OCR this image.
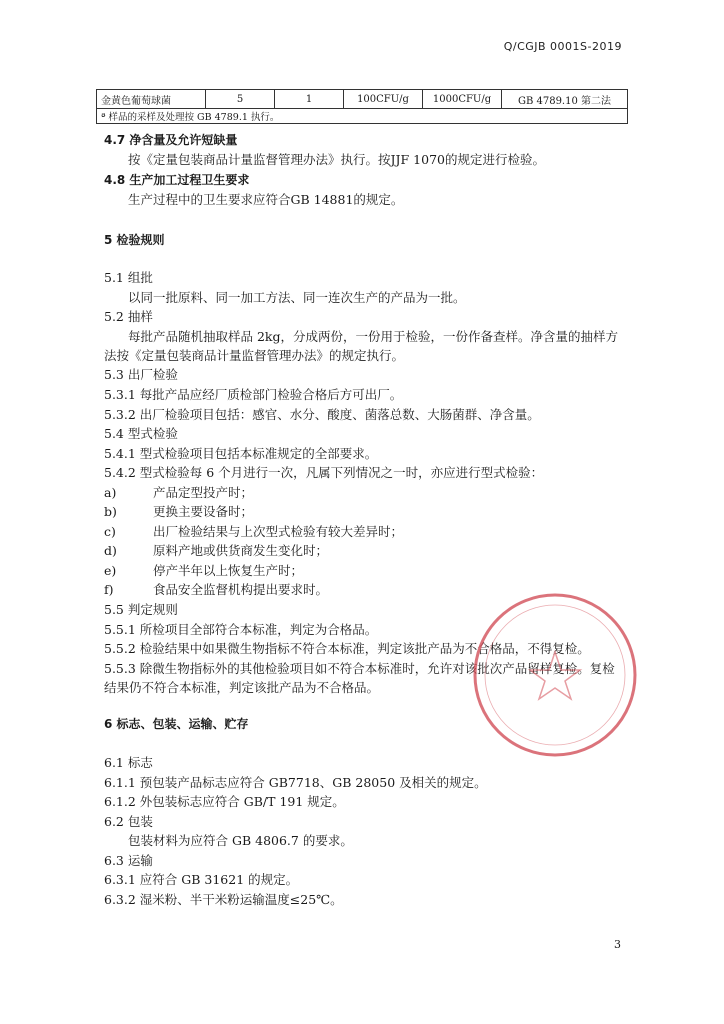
Q/CGJB 0001S-2019
金黄色葡萄球菌	5	1	100CFU/g	1000CFU/g	GB 4789.10 第二法
ª 样品的采样及处理按 GB 4789.1 执行。
4.7 净含量及允许短缺量
按《定量包装商品计量监督管理办法》执行。按JJF 1070的规定进行检验。
4.8 生产加工过程卫生要求
生产过程中的卫生要求应符合GB 14881的规定。
5 检验规则
5.1 组批
以同一批原料、同一加工方法、同一连次生产的产品为一批。
5.2 抽样
每批产品随机抽取样品 2kg，分成两份，一份用于检验，一份作备查样。净含量的抽样方
法按《定量包装商品计量监督管理办法》的规定执行。
5.3 出厂检验
5.3.1 每批产品应经厂质检部门检验合格后方可出厂。
5.3.2 出厂检验项目包括：感官、水分、酸度、菌落总数、大肠菌群、净含量。
5.4 型式检验
5.4.1 型式检验项目包括本标准规定的全部要求。
5.4.2 型式检验每 6 个月进行一次，凡属下列情况之一时，亦应进行型式检验：
a)	产品定型投产时；
b)	更换主要设备时；
c)	出厂检验结果与上次型式检验有较大差异时；
d)	原料产地或供货商发生变化时；
e)	停产半年以上恢复生产时；
f)	食品安全监督机构提出要求时。
5.5 判定规则
5.5.1 所检项目全部符合本标准，判定为合格品。
5.5.2 检验结果中如果微生物指标不符合本标准，判定该批产品为不合格品，不得复检。
5.5.3 除微生物指标外的其他检验项目如不符合本标准时，允许对该批次产品留样复检。复检
结果仍不符合本标准，判定该批产品为不合格品。
6 标志、包装、运输、贮存
6.1 标志
6.1.1 预包装产品标志应符合 GB7718、GB 28050 及相关的规定。
6.1.2 外包装标志应符合 GB/T 191 规定。
6.2 包装
包装材料为应符合 GB 4806.7 的要求。
6.3 运输
6.3.1 应符合 GB 31621 的规定。
6.3.2 湿米粉、半干米粉运输温度≤25℃。
3
